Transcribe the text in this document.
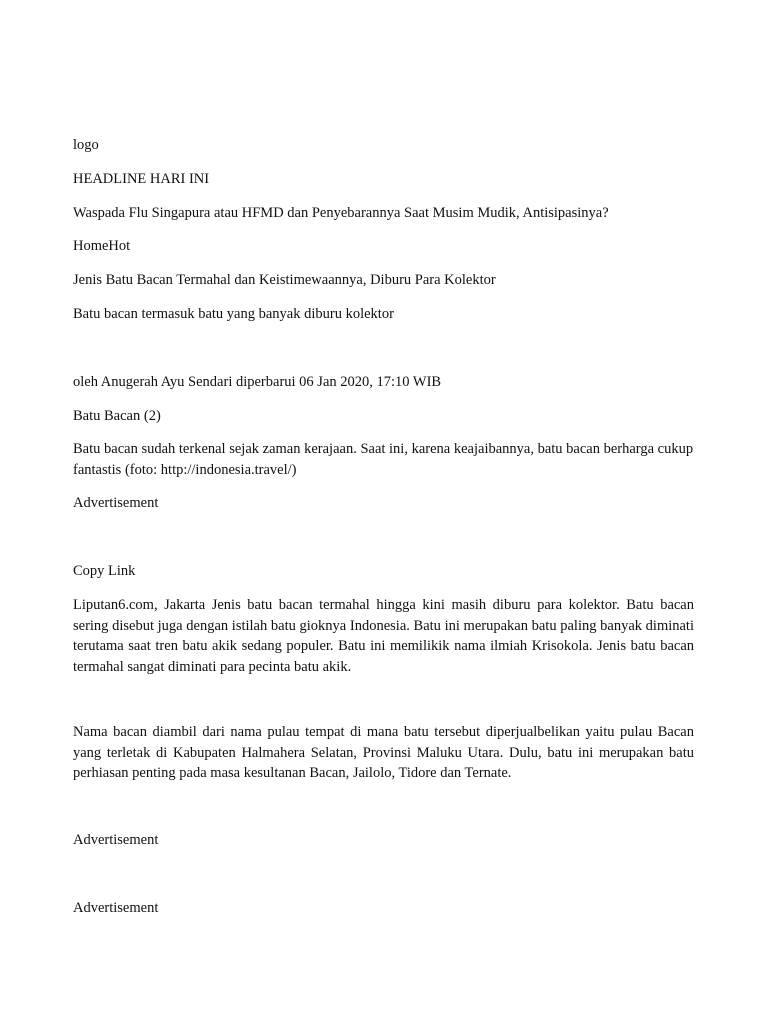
logo

HEADLINE HARI INI

Waspada Flu Singapura atau HFMD dan Penyebarannya Saat Musim Mudik, Antisipasinya?

HomeHot

Jenis Batu Bacan Termahal dan Keistimewaannya, Diburu Para Kolektor

Batu bacan termasuk batu yang banyak diburu kolektor

oleh Anugerah Ayu Sendari diperbarui 06 Jan 2020, 17:10 WIB

Batu Bacan (2)

Batu bacan sudah terkenal sejak zaman kerajaan. Saat ini, karena keajaibannya, batu bacan berharga cukup fantastis (foto: http://indonesia.travel/)

Advertisement

Copy Link

Liputan6.com, Jakarta Jenis batu bacan termahal hingga kini masih diburu para kolektor. Batu bacan sering disebut juga dengan istilah batu gioknya Indonesia. Batu ini merupakan batu paling banyak diminati terutama saat tren batu akik sedang populer. Batu ini memilikik nama ilmiah Krisokola. Jenis batu bacan termahal sangat diminati para pecinta batu akik.

Nama bacan diambil dari nama pulau tempat di mana batu tersebut diperjualbelikan yaitu pulau Bacan yang terletak di Kabupaten Halmahera Selatan, Provinsi Maluku Utara. Dulu, batu ini merupakan batu perhiasan penting pada masa kesultanan Bacan, Jailolo, Tidore dan Ternate.

Advertisement

Advertisement
